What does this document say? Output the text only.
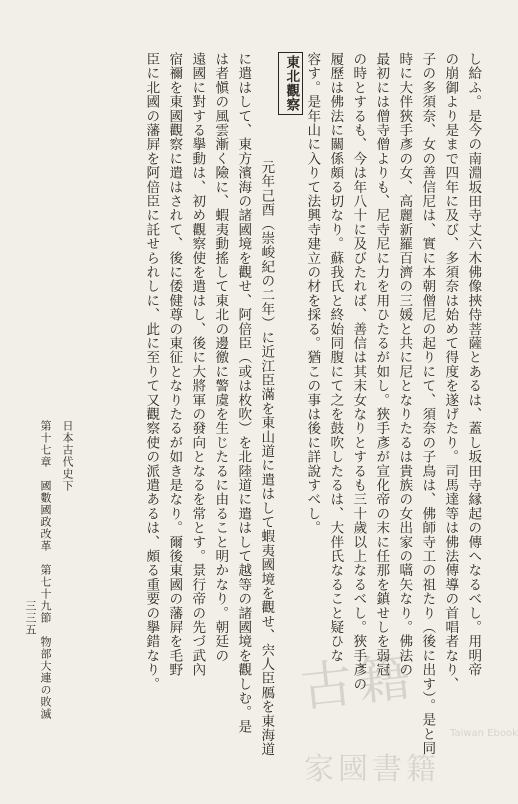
し給ふ。是今の南淵坂田寺丈六木佛像挾侍菩薩とあるは、蓋し坂田寺縁起の傳へなるべし。用明帝
の崩御より是まで四年に及び、多須奈は始めて得度を遂げたり。司馬達等は佛法傳導の首唱者なり、
子の多須奈、女の善信尼は、實に本朝僧尼の起りにて、須奈の子鳥は、佛師寺工の祖たり（後に出す）。是と同
時に大伴狹手彥の女、高麗新羅百濟の三媛と共に尼となりたるは貴族の女出家の嚆矢なり。佛法の
最初には僧寺僧よりも、尼寺尼に力を用ひたるが如し。狹手彥が宣化帝の末に任那を鎮せしを弱冠
の時とするも、今は年八十に及びたれば、善信は其末女なりとするも三十歲以上なるべし。狹手彥の
履歷は佛法に關係頗る切なり。蘇我氏と終始同腹にて之を鼓吹したるは、大伴氏なること疑ひな
容す。是年山に入りて法興寺建立の材を採る。猶この事は後に詳說すべし。
東北觀察
元年己酉（崇峻紀の二年）に近江臣滿を東山道に遣はして蝦夷國境を觀せ、宍人臣鴈を東海道
に遣はして、東方濱海の諸國境を觀せ、阿倍臣（或は枚吹）を北陸道に遣はして越等の諸國境を觀しむ。是
は者愼の風雲漸く險に、蝦夷動搖して東北の邊徼に警虞を生じたるに由ること明かなり。朝廷の
遠國に對する擧動は、初め觀察使を遣はし、後に大將軍の發向となるを常とす。景行帝の先づ武內
宿禰を東國觀察に遣はされて、後に倭健尊の東征となりたるが如き是なり。爾後東國の藩屛を毛野
臣に北國の藩屛を阿倍臣に託せられしに、此に至りて又觀察使の派遣あるは、頗る重要の擧錯なり。
日本古代史下
第十七章　國數國政改革　第七十九節　物部大連の敗滅
三三五
古籍
Taiwan Ebook
家國書籍
